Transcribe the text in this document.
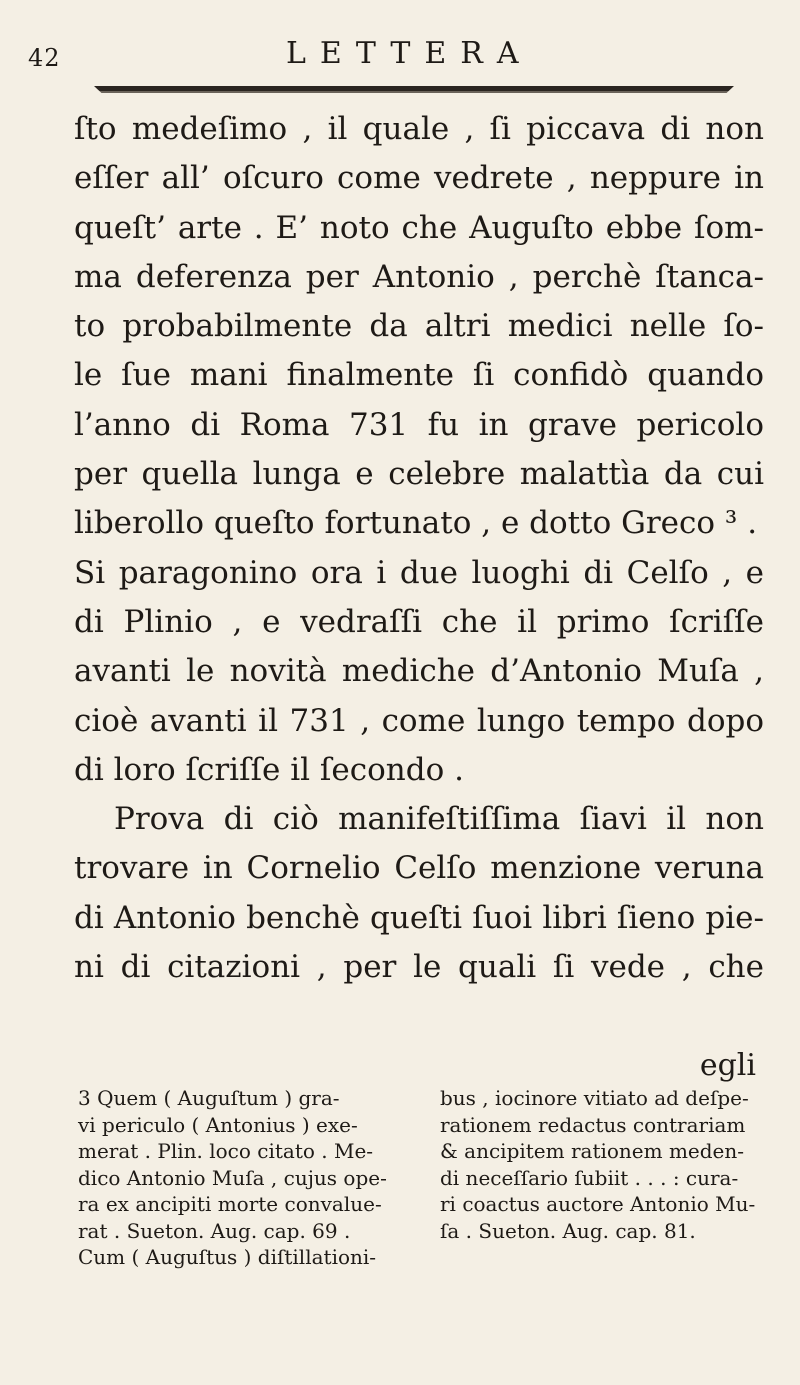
42	LETTERA
ſto medeſimo , il quale , ſi piccava di non
eſſer all’ oſcuro come vedrete , neppure in
queſt’ arte . E’ noto che Auguſto ebbe ſom-
ma deferenza per Antonio , perchè ſtanca-
to probabilmente da altri medici nelle ſo-
le ſue mani finalmente ſi confidò quando
l’anno di Roma 731 fu in grave pericolo
per quella lunga e celebre malattìa da cui
liberollo queſto fortunato , e dotto Greco ³ .
Si paragonino ora i due luoghi di Celſo , e
di Plinio , e vedraſſi che il primo ſcriſſe
avanti le novità mediche d’Antonio Muſa ,
cioè avanti il 731 , come lungo tempo dopo
di loro ſcriſſe il ſecondo .
Prova di ciò manifeſtiſſima ſiavi il non
trovare in Cornelio Celſo menzione veruna
di Antonio benchè queſti ſuoi libri ſieno pie-
ni di citazioni , per le quali ſi vede , che
egli
3 Quem ( Auguſtum ) gra-
vi periculo ( Antonius ) exe-
merat . Plin. loco citato . Me-
dico Antonio Muſa , cujus ope-
ra ex ancipiti morte convalue-
rat . Sueton. Aug. cap. 69 .
Cum ( Auguſtus ) diſtillationi-
bus , iocinore vitiato ad deſpe-
rationem redactus contrariam
& ancipitem rationem meden-
di neceſſario ſubiit . . . : cura-
ri coactus auctore Antonio Mu-
ſa . Sueton. Aug. cap. 81.
